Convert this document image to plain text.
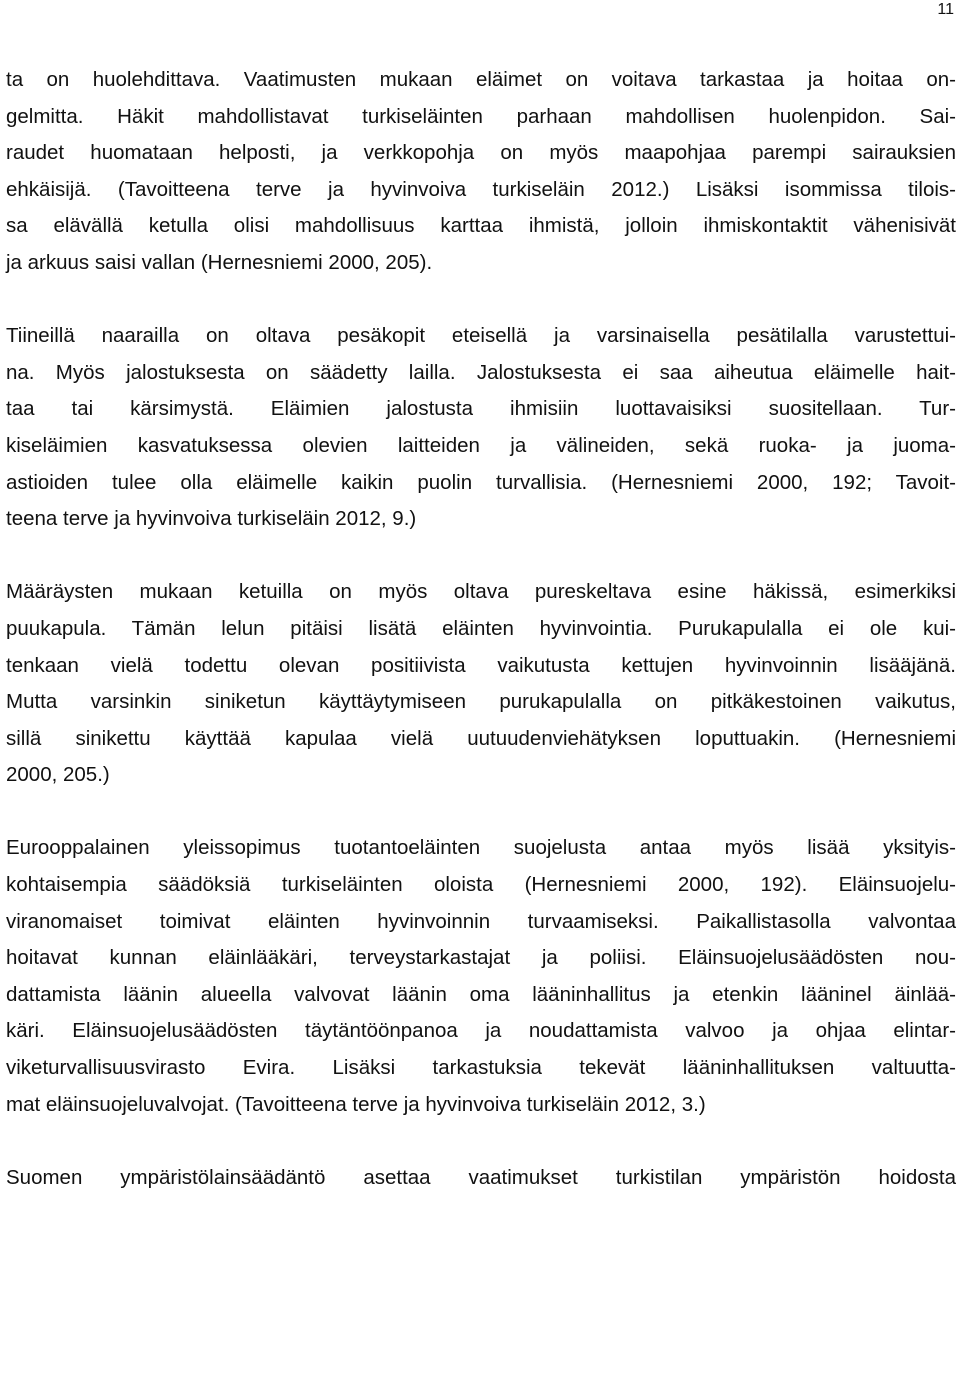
11
ta on huolehdittava. Vaatimusten mukaan eläimet on voitava tarkastaa ja hoitaa on-
gelmitta. Häkit mahdollistavat turkiseläinten parhaan mahdollisen huolenpidon. Sai-
raudet huomataan helposti, ja verkkopohja on myös maapohjaa parempi sairauksien
ehkäisijä. (Tavoitteena terve ja hyvinvoiva turkiseläin 2012.) Lisäksi isommissa tilois-
sa elävällä ketulla olisi mahdollisuus karttaa ihmistä, jolloin ihmiskontaktit vähenisivät
ja arkuus saisi vallan (Hernesniemi 2000, 205).
Tiineillä naarailla on oltava pesäkopit eteisellä ja varsinaisella pesätilalla varustettui-
na. Myös jalostuksesta on säädetty lailla. Jalostuksesta ei saa aiheutua eläimelle hait-
taa tai kärsimystä. Eläimien jalostusta ihmisiin luottavaisiksi suositellaan. Tur-
kiseläimien kasvatuksessa olevien laitteiden ja välineiden, sekä ruoka- ja juoma-
astioiden tulee olla eläimelle kaikin puolin turvallisia. (Hernesniemi 2000, 192; Tavoit-
teena terve ja hyvinvoiva turkiseläin 2012, 9.)
Määräysten mukaan ketuilla on myös oltava pureskeltava esine häkissä, esimerkiksi
puukapula. Tämän lelun pitäisi lisätä eläinten hyvinvointia. Purukapulalla ei ole kui-
tenkaan vielä todettu olevan positiivista vaikutusta kettujen hyvinvoinnin lisääjänä.
Mutta varsinkin siniketun käyttäytymiseen purukapulalla on pitkäkestoinen vaikutus,
sillä sinikettu käyttää kapulaa vielä uutuudenviehätyksen loputtuakin. (Hernesniemi
2000, 205.)
Eurooppalainen yleissopimus tuotantoeläinten suojelusta antaa myös lisää yksityis-
kohtaisempia säädöksiä turkiseläinten oloista (Hernesniemi 2000, 192). Eläinsuojelu-
viranomaiset toimivat eläinten hyvinvoinnin turvaamiseksi. Paikallistasolla valvontaa
hoitavat kunnan eläinlääkäri, terveystarkastajat ja poliisi. Eläinsuojelusäädösten nou-
dattamista läänin alueella valvovat läänin oma lääninhallitus ja etenkin lääninel äinlää-
käri. Eläinsuojelusäädösten täytäntöönpanoa ja noudattamista valvoo ja ohjaa elintar-
viketurvallisuusvirasto Evira. Lisäksi tarkastuksia tekevät lääninhallituksen valtuutta-
mat eläinsuojeluvalvojat. (Tavoitteena terve ja hyvinvoiva turkiseläin 2012, 3.)
Suomen ympäristölainsäädäntö asettaa vaatimukset turkistilan ympäristön hoidosta
